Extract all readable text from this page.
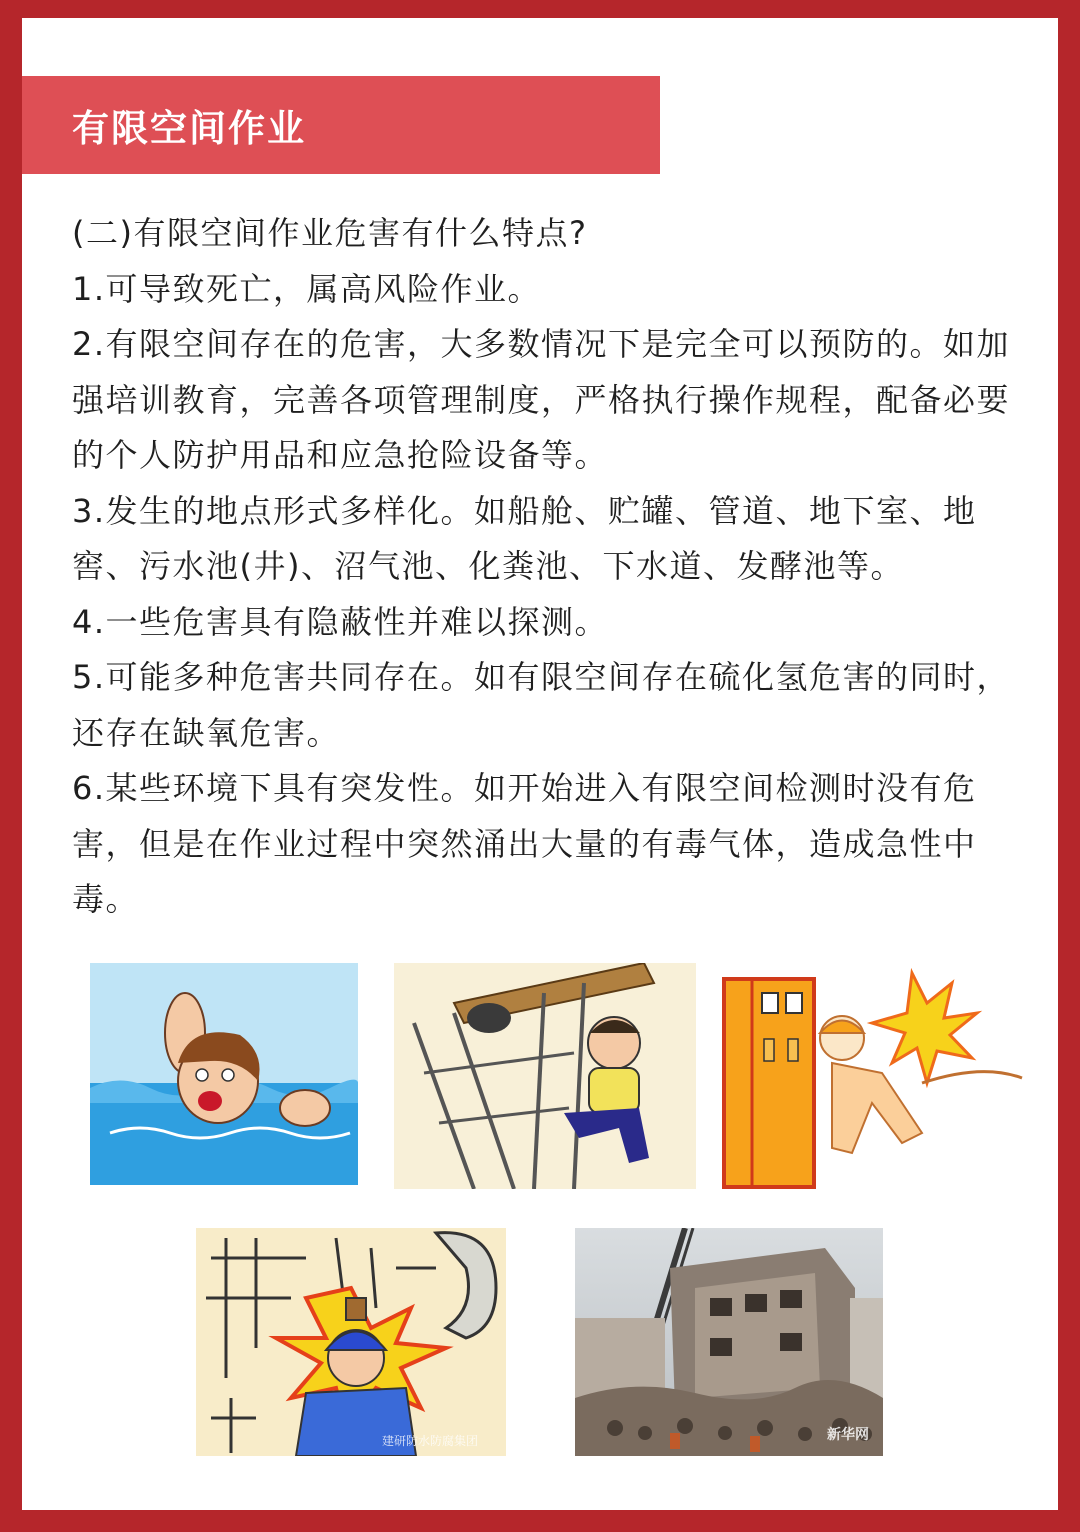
有限空间作业

(二)有限空间作业危害有什么特点?

1.可导致死亡，属高风险作业。

2.有限空间存在的危害，大多数情况下是完全可以预防的。如加强培训教育，完善各项管理制度，严格执行操作规程，配备必要的个人防护用品和应急抢险设备等。

3.发生的地点形式多样化。如船舱、贮罐、管道、地下室、地窖、污水池(井)、沼气池、化粪池、下水道、发酵池等。

4.一些危害具有隐蔽性并难以探测。

5.可能多种危害共同存在。如有限空间存在硫化氢危害的同时，还存在缺氧危害。

6.某些环境下具有突发性。如开始进入有限空间检测时没有危害，但是在作业过程中突然涌出大量的有毒气体，造成急性中毒。

建研防水防腐集团	新华网
